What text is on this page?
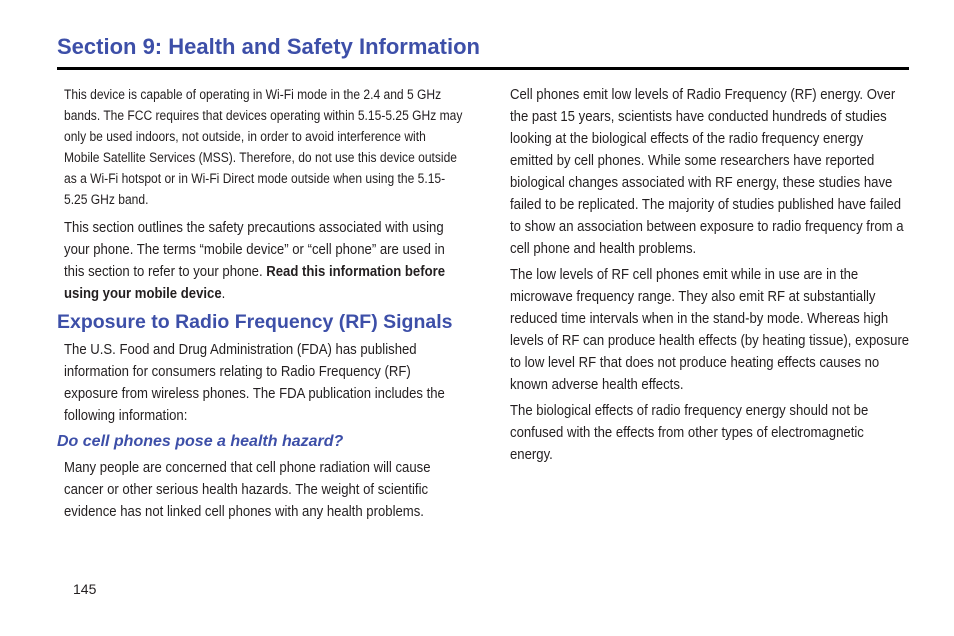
Section 9: Health and Safety Information

This device is capable of operating in Wi-Fi mode in the 2.4 and 5 GHz bands. The FCC requires that devices operating within 5.15-5.25 GHz may only be used indoors, not outside, in order to avoid interference with Mobile Satellite Services (MSS). Therefore, do not use this device outside as a Wi-Fi hotspot or in Wi-Fi Direct mode outside when using the 5.15-5.25 GHz band.

This section outlines the safety precautions associated with using your phone. The terms “mobile device” or “cell phone” are used in this section to refer to your phone. Read this information before using your mobile device.

Exposure to Radio Frequency (RF) Signals

The U.S. Food and Drug Administration (FDA) has published information for consumers relating to Radio Frequency (RF) exposure from wireless phones. The FDA publication includes the following information:

Do cell phones pose a health hazard?

Many people are concerned that cell phone radiation will cause cancer or other serious health hazards. The weight of scientific evidence has not linked cell phones with any health problems.

Cell phones emit low levels of Radio Frequency (RF) energy. Over the past 15 years, scientists have conducted hundreds of studies looking at the biological effects of the radio frequency energy emitted by cell phones. While some researchers have reported biological changes associated with RF energy, these studies have failed to be replicated. The majority of studies published have failed to show an association between exposure to radio frequency from a cell phone and health problems.

The low levels of RF cell phones emit while in use are in the microwave frequency range. They also emit RF at substantially reduced time intervals when in the stand-by mode. Whereas high levels of RF can produce health effects (by heating tissue), exposure to low level RF that does not produce heating effects causes no known adverse health effects.

The biological effects of radio frequency energy should not be confused with the effects from other types of electromagnetic energy.

145
